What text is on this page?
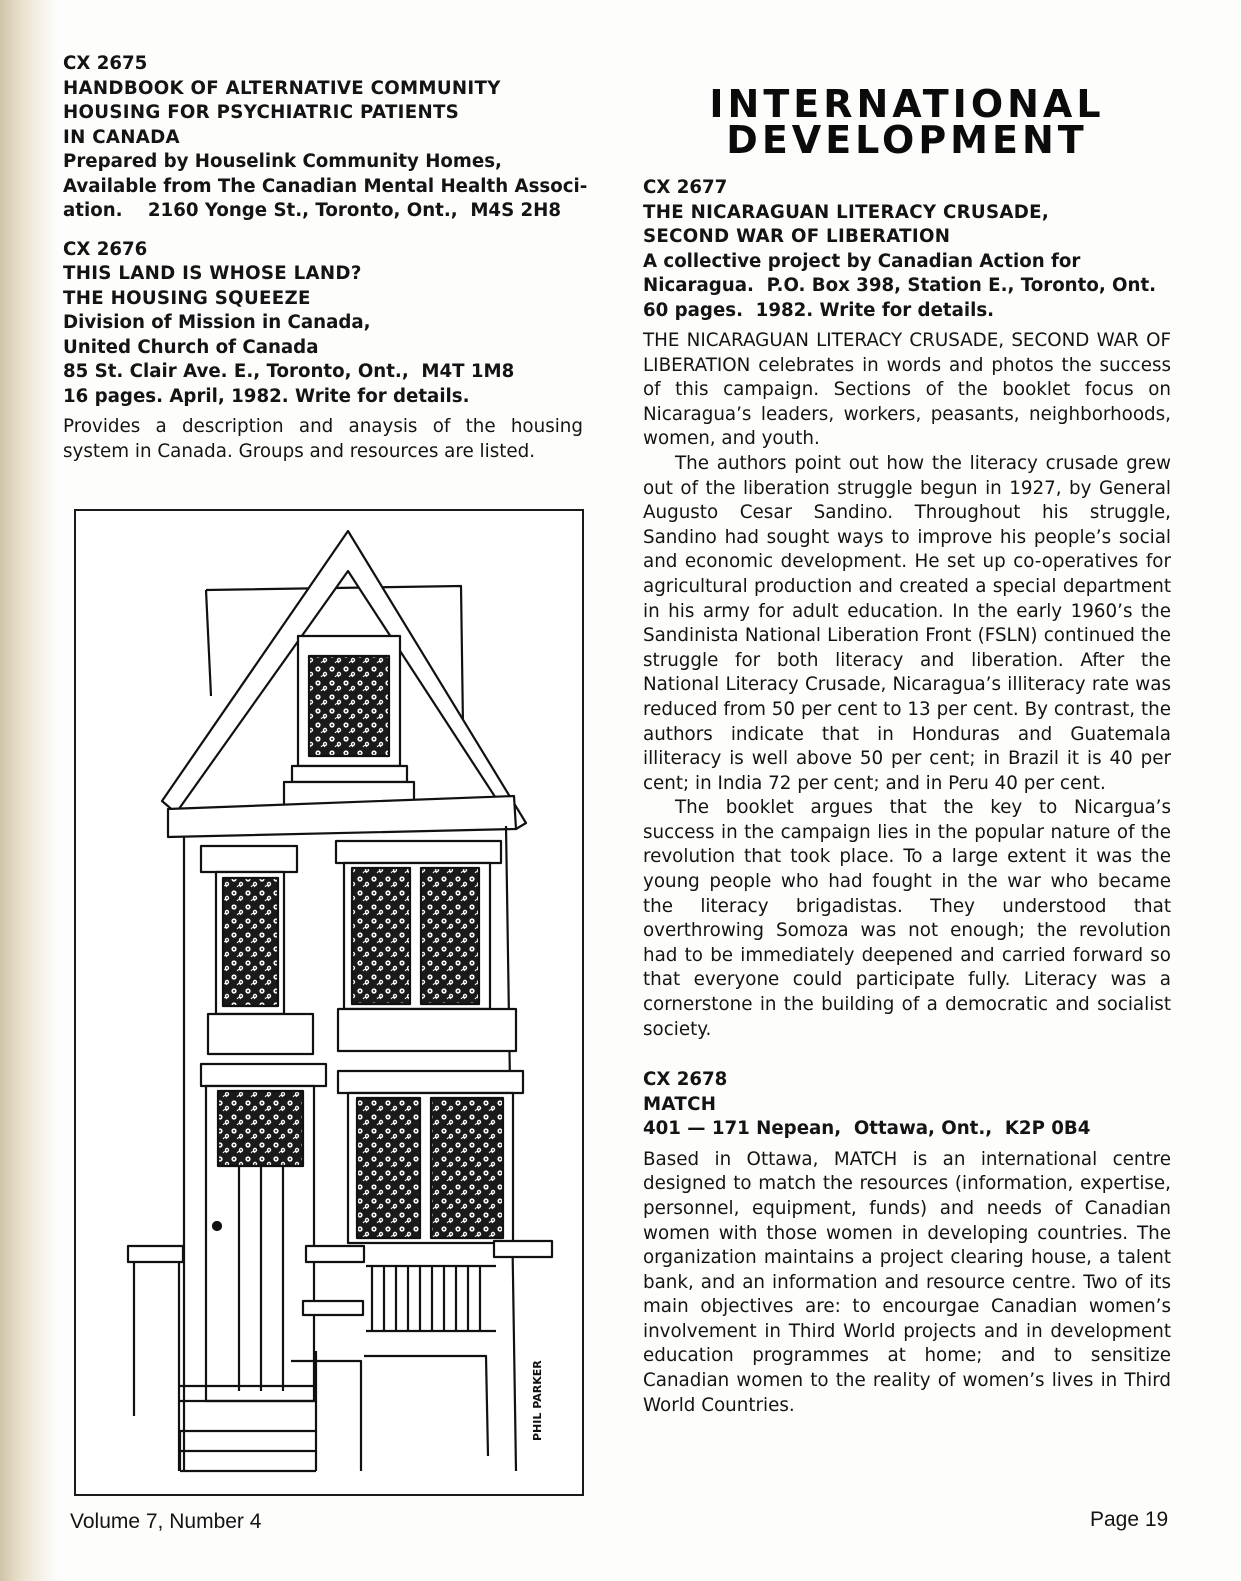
CX 2675
HANDBOOK OF ALTERNATIVE COMMUNITY
HOUSING FOR PSYCHIATRIC PATIENTS
IN CANADA
Prepared by Houselink Community Homes,
Available from The Canadian Mental Health Associ-
ation.    2160 Yonge St., Toronto, Ont.,  M4S 2H8
CX 2676
THIS LAND IS WHOSE LAND?
THE HOUSING SQUEEZE
Division of Mission in Canada,
United Church of Canada
85 St. Clair Ave. E., Toronto, Ont.,  M4T 1M8
16 pages. April, 1982. Write for details.
Provides a description and anaysis of the housing system in Canada. Groups and resources are listed.
PHIL PARKER
INTERNATIONAL
DEVELOPMENT
CX 2677
THE NICARAGUAN LITERACY CRUSADE,
SECOND WAR OF LIBERATION
A collective project by Canadian Action for
Nicaragua.  P.O. Box 398, Station E., Toronto, Ont.
60 pages.  1982. Write for details.

THE NICARAGUAN LITERACY CRUSADE, SECOND WAR OF LIBERATION celebrates in words and photos the success of this campaign. Sections of the booklet focus on Nicaragua’s leaders, workers, peasants, neighborhoods, women, and youth.

The authors point out how the literacy crusade grew out of the liberation struggle begun in 1927, by General Augusto Cesar Sandino. Throughout his struggle, Sandino had sought ways to improve his people’s social and economic development. He set up co-operatives for agricultural production and created a special department in his army for adult education. In the early 1960’s the Sandinista National Liberation Front (FSLN) continued the struggle for both literacy and liberation. After the National Literacy Crusade, Nicaragua’s illiteracy rate was reduced from 50 per cent to 13 per cent. By contrast, the authors indicate that in Honduras and Guatemala illiteracy is well above 50 per cent; in Brazil it is 40 per cent; in India 72 per cent; and in Peru 40 per cent.

The booklet argues that the key to Nicargua’s success in the campaign lies in the popular nature of the revolution that took place. To a large extent it was the young people who had fought in the war who became the literacy brigadistas. They understood that overthrowing Somoza was not enough; the revolution had to be immediately deepened and carried forward so that everyone could participate fully. Literacy was a cornerstone in the building of a democratic and socialist society.

CX 2678
MATCH
401 — 171 Nepean,  Ottawa, Ont.,  K2P 0B4

Based in Ottawa, MATCH is an international centre designed to match the resources (information, expertise, personnel, equipment, funds) and needs of Canadian women with those women in developing countries. The organization maintains a project clearing house, a talent bank, and an information and resource centre. Two of its main objectives are: to encourgae Canadian women’s involvement in Third World projects and in development education programmes at home; and to sensitize Canadian women to the reality of women’s lives in Third World Countries.

Volume 7, Number 4	Page 19
